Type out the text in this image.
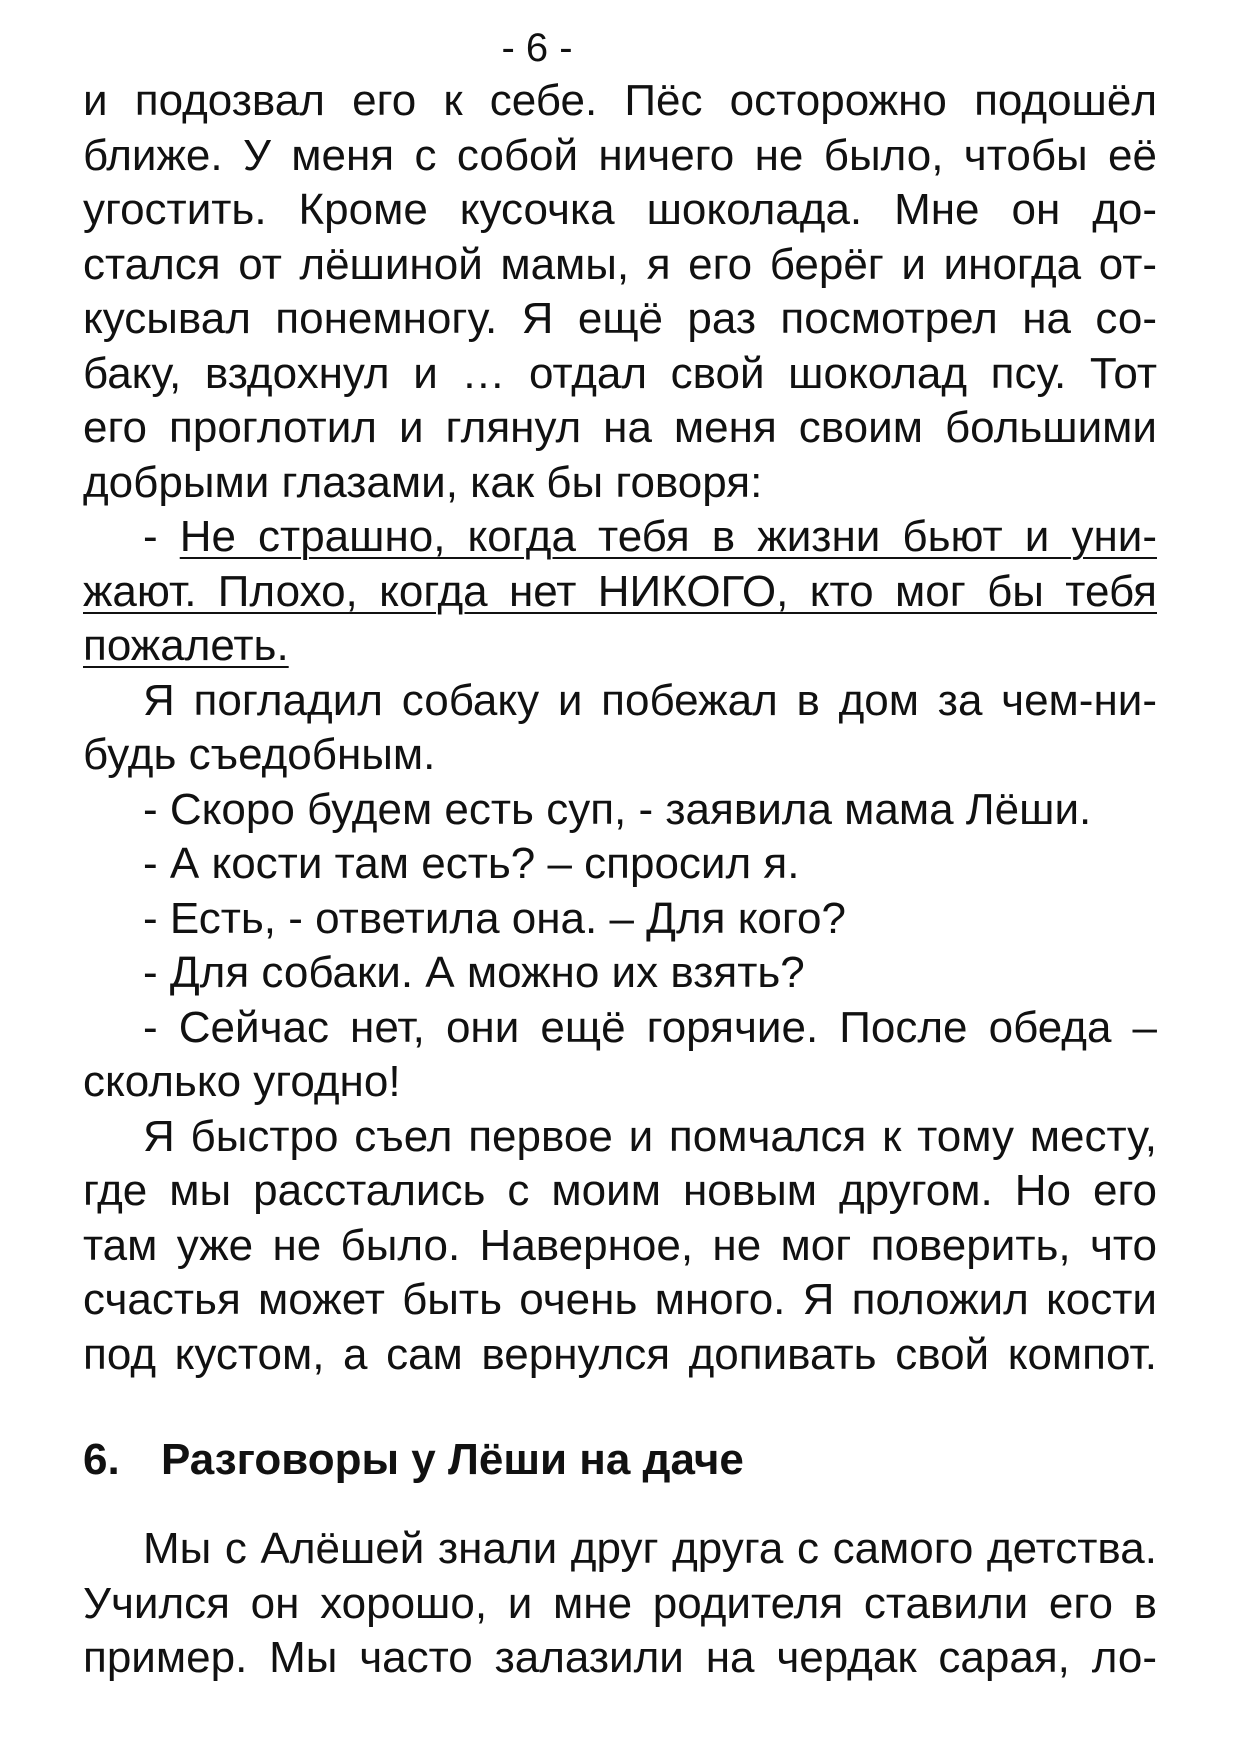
- 6 -
и подозвал его к себе. Пёс осторожно подошёл
ближе. У меня с собой ничего не было, чтобы её
угостить. Кроме кусочка шоколада. Мне он до-
стался от лёшиной мамы, я его берёг и иногда от-
кусывал понемногу. Я ещё раз посмотрел на со-
баку, вздохнул и … отдал свой шоколад псу. Тот
его проглотил и глянул на меня своим большими
добрыми глазами, как бы говоря:
- Не страшно, когда тебя в жизни бьют и уни-
жают. Плохо, когда нет НИКОГО, кто мог бы тебя
пожалеть.
Я погладил собаку и побежал в дом за чем-ни-
будь съедобным.
- Скоро будем есть суп, - заявила мама Лёши.
- А кости там есть? – спросил я.
- Есть, - ответила она. – Для кого?
- Для собаки. А можно их взять?
- Сейчас нет, они ещё горячие. После обеда –
сколько угодно!
Я быстро съел первое и помчался к тому месту,
где мы расстались с моим новым другом. Но его
там уже не было. Наверное, не мог поверить, что
счастья может быть очень много. Я положил кости
под кустом, а сам вернулся допивать свой компот.
6. Разговоры у Лёши на даче
Мы с Алёшей знали друг друга с самого детства.
Учился он хорошо, и мне родителя ставили его в
пример. Мы часто залазили на чердак сарая, ло-
